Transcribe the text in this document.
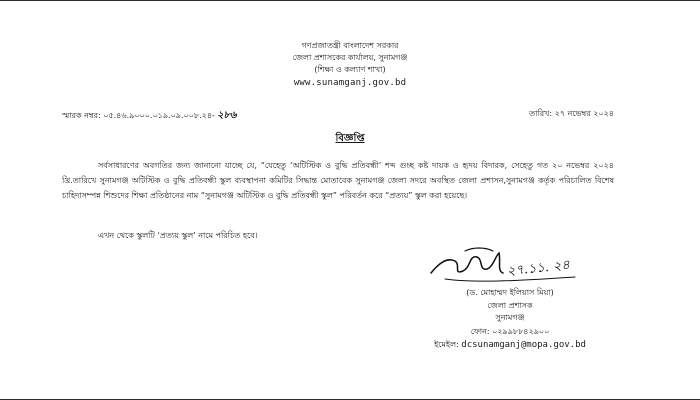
গণপ্রজাতন্ত্রী বাংলাদেশ সরকার
জেলা প্রশাসকের কার্যালয়, সুনামগঞ্জ
(শিক্ষা ও কল্যাণ শাখা)
www.sunamganj.gov.bd
স্মারক নম্বর: ০৫.৪৬.৯০০০.০১৯.০৯.০০৮.২৪- ২৮৬	তারিখ: ২৭ নভেম্বর ২০২৪
বিজ্ঞপ্তি

সর্বসাধারণের অবগতির জন্য জানানো যাচ্ছে যে, “যেহেতু ‘অটিস্টিক ও বুদ্ধি প্রতিবন্ধী’ শব্দ গুচ্ছ কষ্ট দায়ক ও হৃদয় বিদারক, সেহেতু গত ২০ নভেম্বর ২০২৪ খ্রি.তারিখে সুনামগঞ্জ অটিস্টিক ও বুদ্ধি প্রতিবন্ধী স্কুল ব্যবস্থাপনা কমিটির সিদ্ধান্ত মোতাবেক সুনামগঞ্জ জেলা সদরে অবস্থিত জেলা প্রশাসন,সুনামগঞ্জ কর্তৃক পরিচালিত বিশেষ চাহিদাসম্পন্ন শিশুদের শিক্ষা প্রতিষ্ঠানের নাম “সুনামগঞ্জ অটিস্টিক ও বুদ্ধি প্রতিবন্ধী স্কুল” পরিবর্তন করে “প্রত্যয়” স্কুল করা হয়েছে।

এখন থেকে স্কুলটি ‘প্রত্যয় স্কুল’ নামে পরিচিত হবে।

২৭.১১. ২৪
(ড. মোহাম্মদ ইলিয়াস মিয়া)
জেলা প্রশাসক
সুনামগঞ্জ
ফোন: ০২৯৯৮৮৪২৯০০
ইমেইল: dcsunamganj@mopa.gov.bd
